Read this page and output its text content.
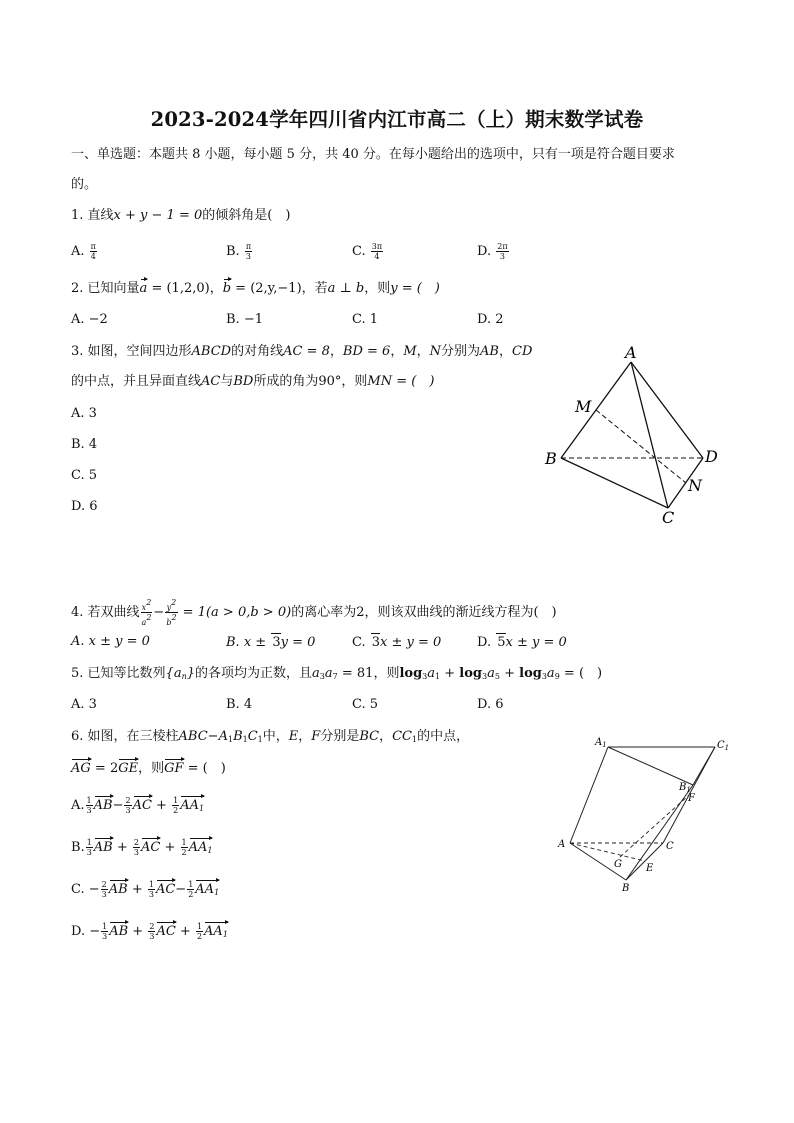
2023-2024学年四川省内江市高二（上）期末数学试卷
一、单选题：本题共 8 小题，每小题 5 分，共 40 分。在每小题给出的选项中，只有一项是符合题目要求
的。
1. 直线x + y − 1 = 0的倾斜角是(　)
A. $\frac{\pi}{4}$	B. $\frac{\pi}{3}$	C. $\frac{3\pi}{4}$	D. $\frac{2\pi}{3}$
2. 已知向量a = (1,2,0)，b = (2,y,−1)，若a ⊥ b，则y = (　)
A. −2	B. −1	C. 1	D. 2
3. 如图，空间四边形ABCD的对角线AC = 8，BD = 6，M，N分别为AB，CD
的中点，并且异面直线AC与BD所成的角为90°，则MN = (　)
A. 3
B. 4
C. 5
D. 6
A
M
B	D
N
C
4. 若双曲线 $\frac{x^2}{a^2} - \frac{y^2}{b^2} = 1(a > 0,b > 0)$的离心率为2，则该双曲线的渐近线方程为(　)
A. x ± y = 0	B. x ± 3y = 0	C. 3x ± y = 0	D. 5x ± y = 0
5. 已知等比数列$\{a_n\}$的各项均为正数，且$a_3a_7 = 81$，则$\log_3a_1 + \log_3a_5 + \log_3a_9$ = (　)
A. 3	B. 4	C. 5	D. 6
6. 如图，在三棱柱$ABC-A_1B_1C_1$中，E，F分别是BC，$CC_1$的中点，
AG = 2GE，则GF = (　)
A. $\frac{1}{3} AB- \frac{2}{3}$ AC + $\frac{1}{2} AA_1$
B. $\frac{1}{3}$ AB + $\frac{2}{3}$ AC + $\frac{1}{2} AA_1$
C. − $\frac{2}{3}$ AB + $\frac{1}{3} AC- \frac{1}{2} AA_1$
D. − $\frac{1}{3}$ AB + $\frac{2}{3}$ AC + $\frac{1}{2} AA_1$
$A_1$	$C_1$
$B_1$
F
A	C
G E
B
